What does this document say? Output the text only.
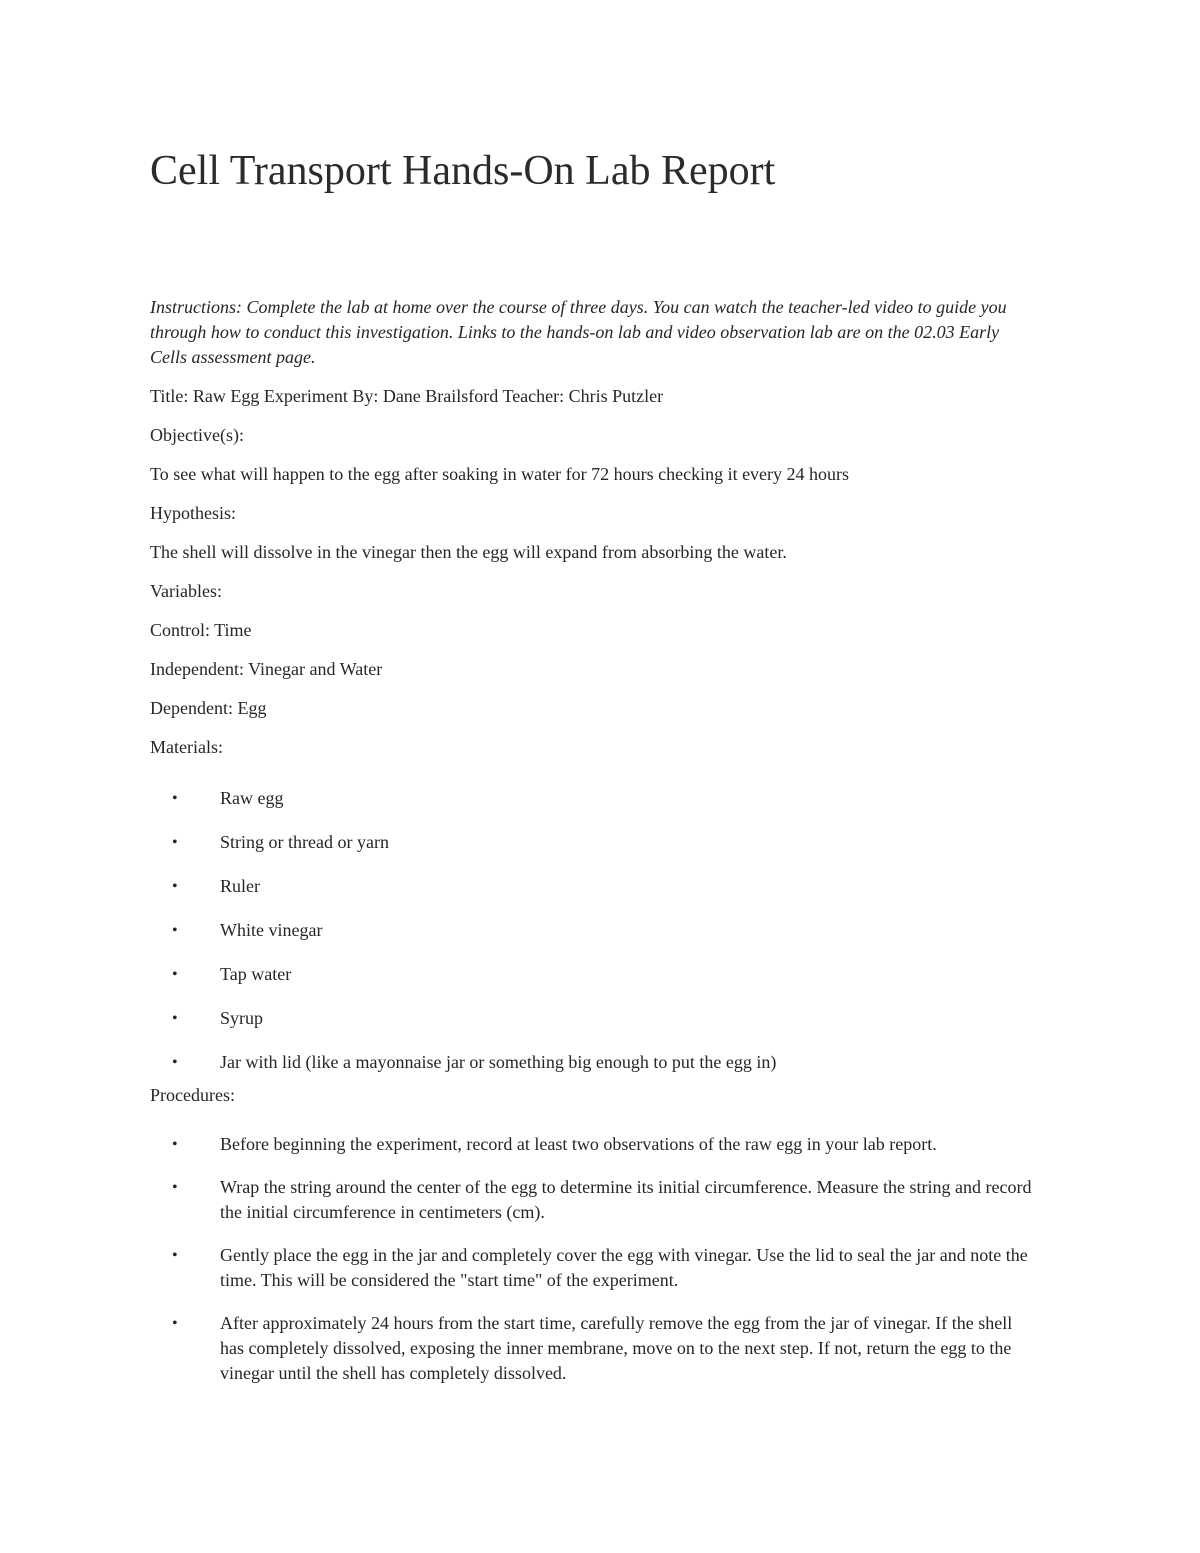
Cell Transport Hands-On Lab Report

Instructions: Complete the lab at home over the course of three days. You can watch the teacher-led video to guide you through how to conduct this investigation. Links to the hands-on lab and video observation lab are on the 02.03 Early Cells assessment page.

Title: Raw Egg Experiment By: Dane Brailsford Teacher: Chris Putzler

Objective(s):

To see what will happen to the egg after soaking in water for 72 hours checking it every 24 hours

Hypothesis:

The shell will dissolve in the vinegar then the egg will expand from absorbing the water.

Variables:

Control: Time

Independent: Vinegar and Water

Dependent: Egg

Materials:

• Raw egg
• String or thread or yarn
• Ruler
• White vinegar
• Tap water
• Syrup
• Jar with lid (like a mayonnaise jar or something big enough to put the egg in)

Procedures:

• Before beginning the experiment, record at least two observations of the raw egg in your lab report.
• Wrap the string around the center of the egg to determine its initial circumference. Measure the string and record the initial circumference in centimeters (cm).
• Gently place the egg in the jar and completely cover the egg with vinegar. Use the lid to seal the jar and note the time. This will be considered the "start time" of the experiment.
• After approximately 24 hours from the start time, carefully remove the egg from the jar of vinegar. If the shell has completely dissolved, exposing the inner membrane, move on to the next step. If not, return the egg to the vinegar until the shell has completely dissolved.
